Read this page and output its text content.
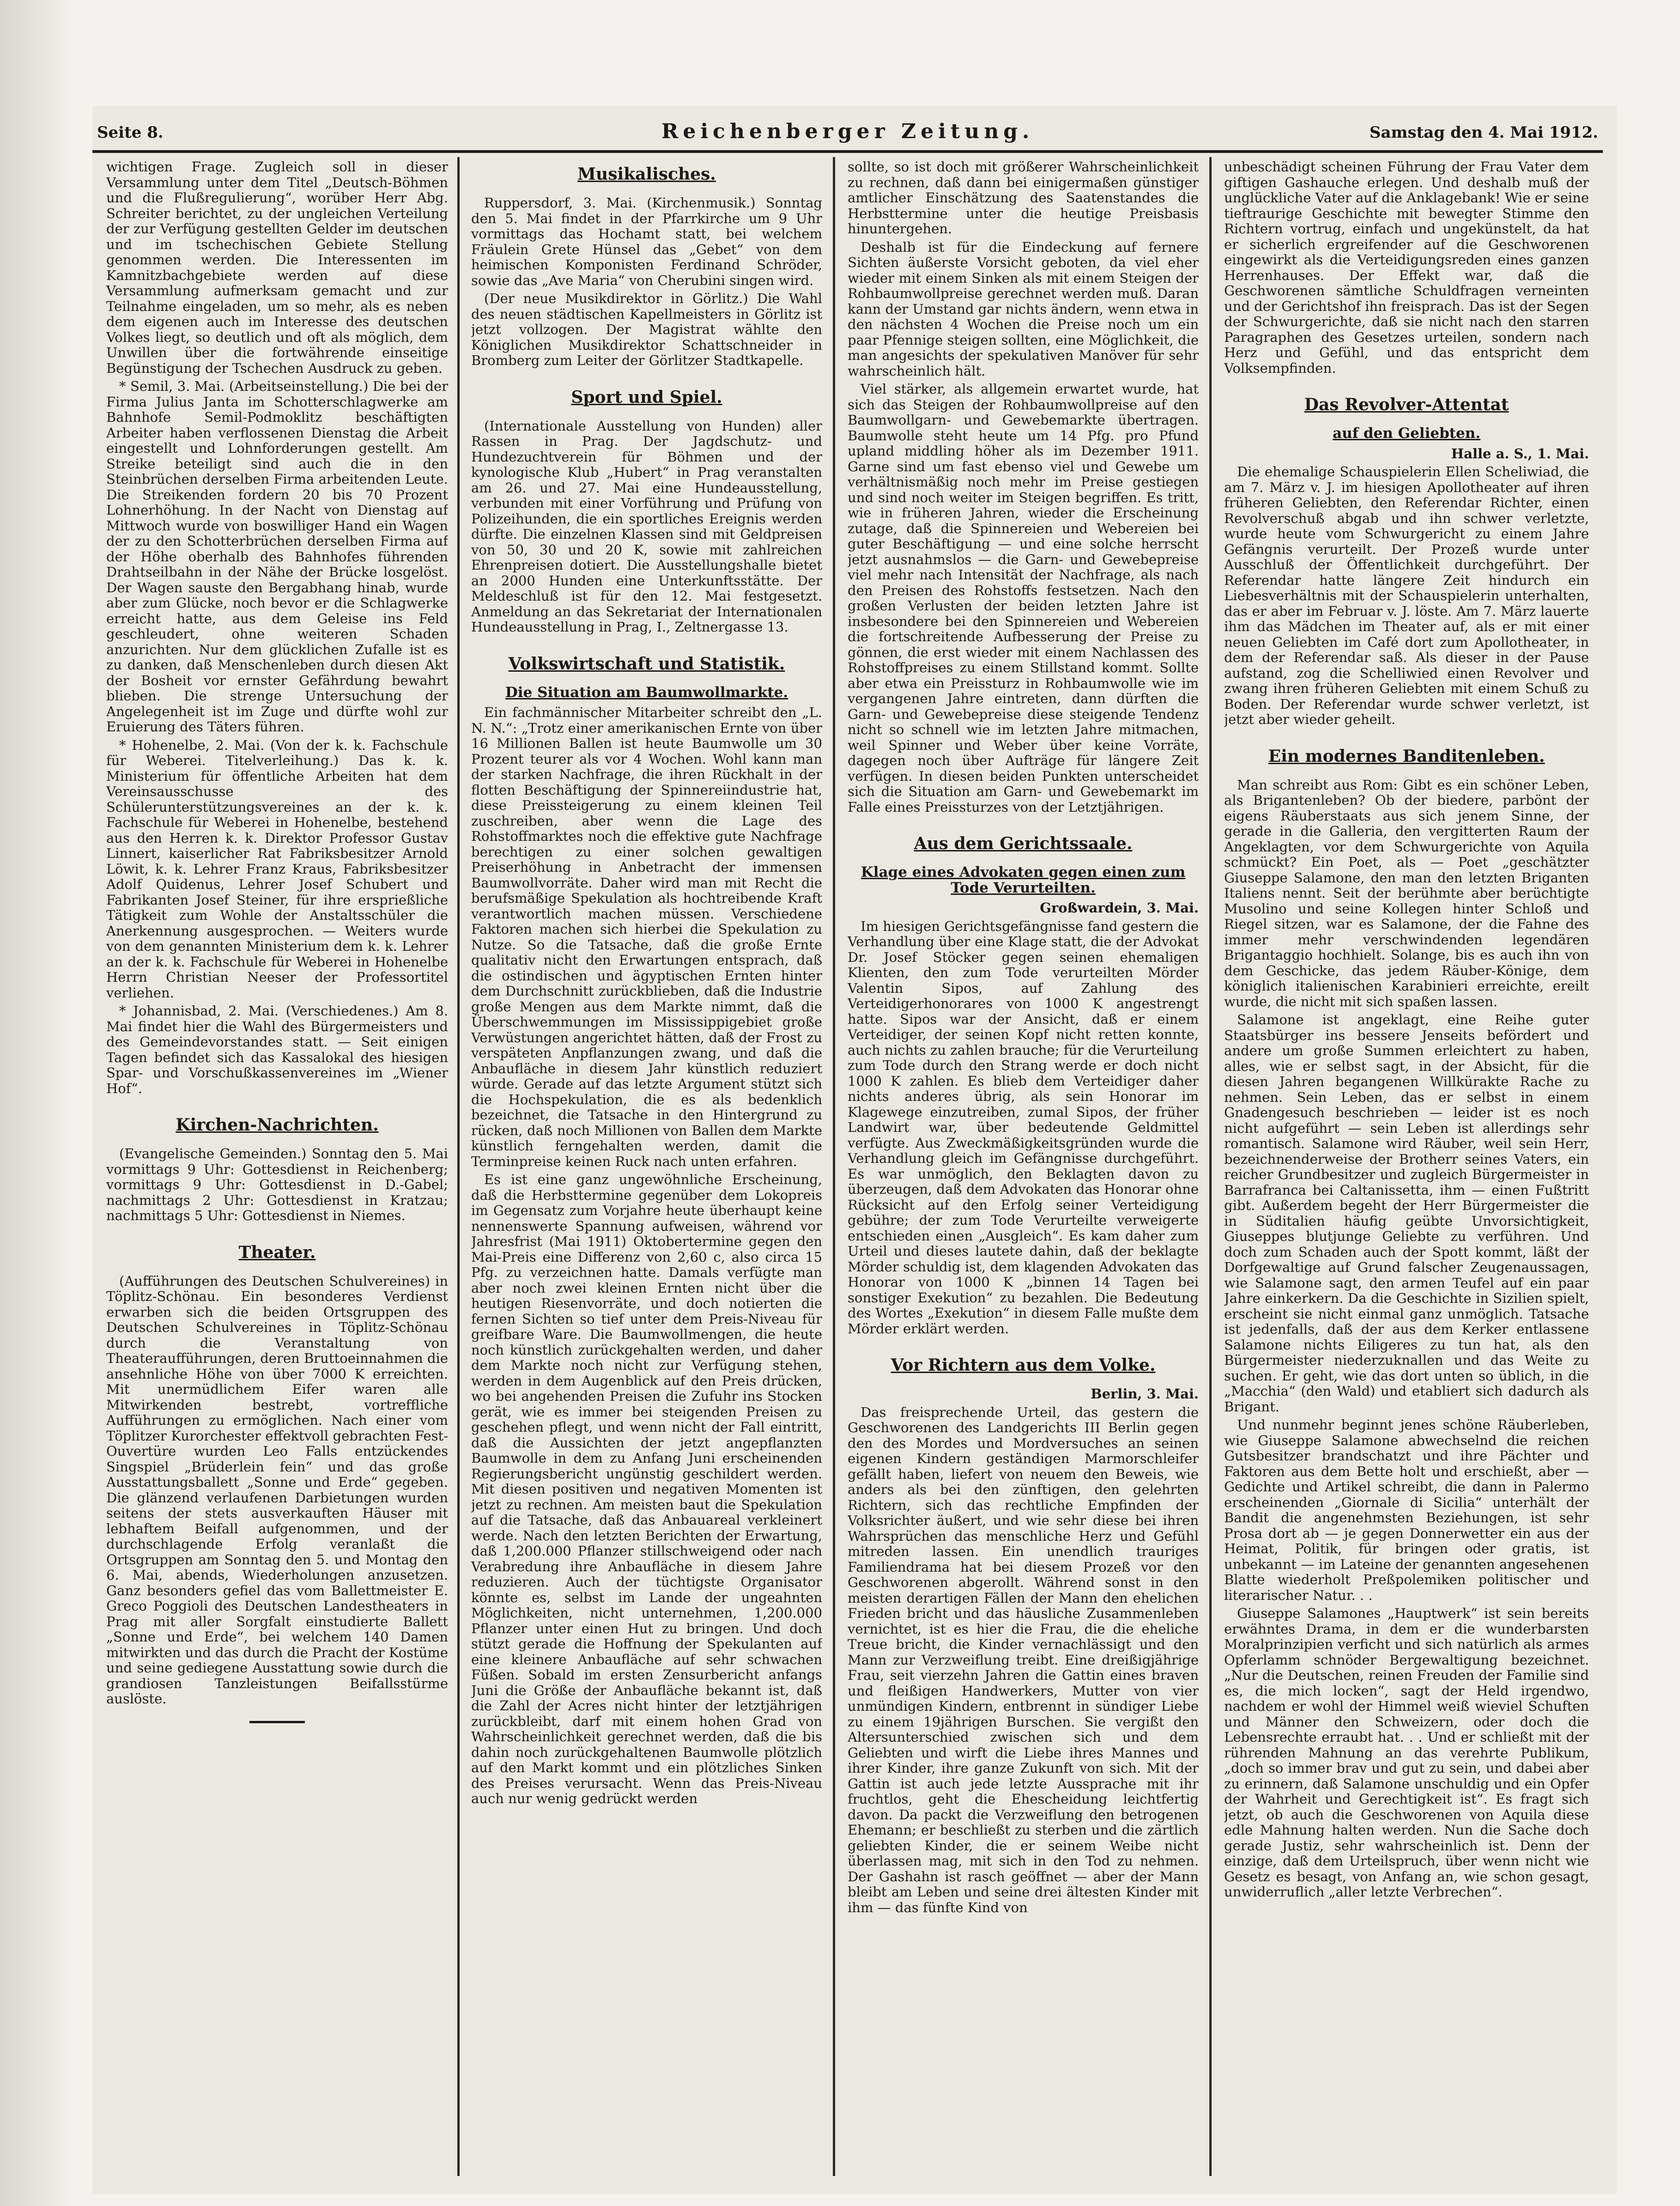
Seite 8.	Reichenberger Zeitung.	Samstag den 4. Mai 1912.

wichtigen Frage. Zugleich soll in dieser Versammlung unter dem Titel „Deutsch-Böhmen und die Flußregulierung“, worüber Herr Abg. Schreiter berichtet, zu der ungleichen Verteilung der zur Verfügung gestellten Gelder im deutschen und im tschechischen Gebiete Stellung genommen werden. Die Interessenten im Kamnitzbachgebiete werden auf diese Versammlung aufmerksam gemacht und zur Teilnahme eingeladen, um so mehr, als es neben dem eigenen auch im Interesse des deutschen Volkes liegt, so deutlich und oft als möglich, dem Unwillen über die fortwährende einseitige Begünstigung der Tschechen Ausdruck zu geben.

* Semil, 3. Mai. (Arbeitseinstellung.) Die bei der Firma Julius Janta im Schotterschlagwerke am Bahnhofe Semil-Podmoklitz beschäftigten Arbeiter haben verflossenen Dienstag die Arbeit eingestellt und Lohnforderungen gestellt. Am Streike beteiligt sind auch die in den Steinbrüchen derselben Firma arbeitenden Leute. Die Streikenden fordern 20 bis 70 Prozent Lohnerhöhung. In der Nacht von Dienstag auf Mittwoch wurde von boswilliger Hand ein Wagen der zu den Schotterbrüchen derselben Firma auf der Höhe oberhalb des Bahnhofes führenden Drahtseilbahn in der Nähe der Brücke losgelöst. Der Wagen sauste den Bergabhang hinab, wurde aber zum Glücke, noch bevor er die Schlagwerke erreicht hatte, aus dem Geleise ins Feld geschleudert, ohne weiteren Schaden anzurichten. Nur dem glücklichen Zufalle ist es zu danken, daß Menschenleben durch diesen Akt der Bosheit vor ernster Gefährdung bewahrt blieben. Die strenge Untersuchung der Angelegenheit ist im Zuge und dürfte wohl zur Eruierung des Täters führen.

* Hohenelbe, 2. Mai. (Von der k. k. Fachschule für Weberei. Titelverleihung.) Das k. k. Ministerium für öffentliche Arbeiten hat dem Vereinsausschusse des Schülerunterstützungsvereines an der k. k. Fachschule für Weberei in Hohenelbe, bestehend aus den Herren k. k. Direktor Professor Gustav Linnert, kaiserlicher Rat Fabriksbesitzer Arnold Löwit, k. k. Lehrer Franz Kraus, Fabriksbesitzer Adolf Quidenus, Lehrer Josef Schubert und Fabrikanten Josef Steiner, für ihre ersprießliche Tätigkeit zum Wohle der Anstaltsschüler die Anerkennung ausgesprochen. — Weiters wurde von dem genannten Ministerium dem k. k. Lehrer an der k. k. Fachschule für Weberei in Hohenelbe Herrn Christian Neeser der Professortitel verliehen.

* Johannisbad, 2. Mai. (Verschiedenes.) Am 8. Mai findet hier die Wahl des Bürgermeisters und des Gemeindevorstandes statt. — Seit einigen Tagen befindet sich das Kassalokal des hiesigen Spar- und Vorschußkassenvereines im „Wiener Hof“.

Kirchen-Nachrichten.

(Evangelische Gemeinden.) Sonntag den 5. Mai vormittags 9 Uhr: Gottesdienst in Reichenberg; vormittags 9 Uhr: Gottesdienst in D.-Gabel; nachmittags 2 Uhr: Gottesdienst in Kratzau; nachmittags 5 Uhr: Gottesdienst in Niemes.

Theater.

(Aufführungen des Deutschen Schulvereines) in Töplitz-Schönau. Ein besonderes Verdienst erwarben sich die beiden Ortsgruppen des Deutschen Schulvereines in Töplitz-Schönau durch die Veranstaltung von Theateraufführungen, deren Bruttoeinnahmen die ansehnliche Höhe von über 7000 K erreichten. Mit unermüdlichem Eifer waren alle Mitwirkenden bestrebt, vortreffliche Aufführungen zu ermöglichen. Nach einer vom Töplitzer Kurorchester effektvoll gebrachten Fest-Ouvertüre wurden Leo Falls entzückendes Singspiel „Brüderlein fein“ und das große Ausstattungsballett „Sonne und Erde“ gegeben. Die glänzend verlaufenen Darbietungen wurden seitens der stets ausverkauften Häuser mit lebhaftem Beifall aufgenommen, und der durchschlagende Erfolg veranlaßt die Ortsgruppen am Sonntag den 5. und Montag den 6. Mai, abends, Wiederholungen anzusetzen. Ganz besonders gefiel das vom Ballettmeister E. Greco Poggioli des Deutschen Landestheaters in Prag mit aller Sorgfalt einstudierte Ballett „Sonne und Erde“, bei welchem 140 Damen mitwirkten und das durch die Pracht der Kostüme und seine gediegene Ausstattung sowie durch die grandiosen Tanzleistungen Beifallsstürme auslöste.

Musikalisches.

Ruppersdorf, 3. Mai. (Kirchenmusik.) Sonntag den 5. Mai findet in der Pfarrkirche um 9 Uhr vormittags das Hochamt statt, bei welchem Fräulein Grete Hünsel das „Gebet“ von dem heimischen Komponisten Ferdinand Schröder, sowie das „Ave Maria“ von Cherubini singen wird.

(Der neue Musikdirektor in Görlitz.) Die Wahl des neuen städtischen Kapellmeisters in Görlitz ist jetzt vollzogen. Der Magistrat wählte den Königlichen Musikdirektor Schattschneider in Bromberg zum Leiter der Görlitzer Stadtkapelle.

Sport und Spiel.

(Internationale Ausstellung von Hunden) aller Rassen in Prag. Der Jagdschutz- und Hundezuchtverein für Böhmen und der kynologische Klub „Hubert“ in Prag veranstalten am 26. und 27. Mai eine Hundeausstellung, verbunden mit einer Vorführung und Prüfung von Polizeihunden, die ein sportliches Ereignis werden dürfte. Die einzelnen Klassen sind mit Geldpreisen von 50, 30 und 20 K, sowie mit zahlreichen Ehrenpreisen dotiert. Die Ausstellungshalle bietet an 2000 Hunden eine Unterkunftsstätte. Der Meldeschluß ist für den 12. Mai festgesetzt. Anmeldung an das Sekretariat der Internationalen Hundeausstellung in Prag, I., Zeltnergasse 13.

Volkswirtschaft und Statistik.
Die Situation am Baumwollmarkte.

Ein fachmännischer Mitarbeiter schreibt den „L. N. N.“: „Trotz einer amerikanischen Ernte von über 16 Millionen Ballen ist heute Baumwolle um 30 Prozent teurer als vor 4 Wochen. Wohl kann man der starken Nachfrage, die ihren Rückhalt in der flotten Beschäftigung der Spinnereiindustrie hat, diese Preissteigerung zu einem kleinen Teil zuschreiben, aber wenn die Lage des Rohstoffmarktes noch die effektive gute Nachfrage berechtigen zu einer solchen gewaltigen Preiserhöhung in Anbetracht der immensen Baumwollvorräte. Daher wird man mit Recht die berufsmäßige Spekulation als hochtreibende Kraft verantwortlich machen müssen. Verschiedene Faktoren machen sich hierbei die Spekulation zu Nutze. So die Tatsache, daß die große Ernte qualitativ nicht den Erwartungen entsprach, daß die ostindischen und ägyptischen Ernten hinter dem Durchschnitt zurückblieben, daß die Industrie große Mengen aus dem Markte nimmt, daß die Überschwemmungen im Mississippigebiet große Verwüstungen angerichtet hätten, daß der Frost zu verspäteten Anpflanzungen zwang, und daß die Anbaufläche in diesem Jahr künstlich reduziert würde. Gerade auf das letzte Argument stützt sich die Hochspekulation, die es als bedenklich bezeichnet, die Tatsache in den Hintergrund zu rücken, daß noch Millionen von Ballen dem Markte künstlich ferngehalten werden, damit die Terminpreise keinen Ruck nach unten erfahren.

Es ist eine ganz ungewöhnliche Erscheinung, daß die Herbsttermine gegenüber dem Lokopreis im Gegensatz zum Vorjahre heute überhaupt keine nennenswerte Spannung aufweisen, während vor Jahresfrist (Mai 1911) Oktobertermine gegen den Mai-Preis eine Differenz von 2,60 c, also circa 15 Pfg. zu verzeichnen hatte. Damals verfügte man aber noch zwei kleinen Ernten nicht über die heutigen Riesenvorräte, und doch notierten die fernen Sichten so tief unter dem Preis-Niveau für greifbare Ware. Die Baumwollmengen, die heute noch künstlich zurückgehalten werden, und daher dem Markte noch nicht zur Verfügung stehen, werden in dem Augenblick auf den Preis drücken, wo bei angehenden Preisen die Zufuhr ins Stocken gerät, wie es immer bei steigenden Preisen zu geschehen pflegt, und wenn nicht der Fall eintritt, daß die Aussichten der jetzt angepflanzten Baumwolle in dem zu Anfang Juni erscheinenden Regierungsbericht ungünstig geschildert werden. Mit diesen positiven und negativen Momenten ist jetzt zu rechnen. Am meisten baut die Spekulation auf die Tatsache, daß das Anbauareal verkleinert werde. Nach den letzten Berichten der Erwartung, daß 1,200.000 Pflanzer stillschweigend oder nach Verabredung ihre Anbaufläche in diesem Jahre reduzieren. Auch der tüchtigste Organisator könnte es, selbst im Lande der ungeahnten Möglichkeiten, nicht unternehmen, 1,200.000 Pflanzer unter einen Hut zu bringen. Und doch stützt gerade die Hoffnung der Spekulanten auf eine kleinere Anbaufläche auf sehr schwachen Füßen. Sobald im ersten Zensurbericht anfangs Juni die Größe der Anbaufläche bekannt ist, daß die Zahl der Acres nicht hinter der letztjährigen zurückbleibt, darf mit einem hohen Grad von Wahrscheinlichkeit gerechnet werden, daß die bis dahin noch zurückgehaltenen Baumwolle plötzlich auf den Markt kommt und ein plötzliches Sinken des Preises verursacht. Wenn das Preis-Niveau auch nur wenig gedrückt werden

sollte, so ist doch mit größerer Wahrscheinlichkeit zu rechnen, daß dann bei einigermaßen günstiger amtlicher Einschätzung des Saatenstandes die Herbsttermine unter die heutige Preisbasis hinuntergehen.

Deshalb ist für die Eindeckung auf fernere Sichten äußerste Vorsicht geboten, da viel eher wieder mit einem Sinken als mit einem Steigen der Rohbaumwollpreise gerechnet werden muß. Daran kann der Umstand gar nichts ändern, wenn etwa in den nächsten 4 Wochen die Preise noch um ein paar Pfennige steigen sollten, eine Möglichkeit, die man angesichts der spekulativen Manöver für sehr wahrscheinlich hält.

Viel stärker, als allgemein erwartet wurde, hat sich das Steigen der Rohbaumwollpreise auf den Baumwollgarn- und Gewebemarkte übertragen. Baumwolle steht heute um 14 Pfg. pro Pfund upland middling höher als im Dezember 1911. Garne sind um fast ebenso viel und Gewebe um verhältnismäßig noch mehr im Preise gestiegen und sind noch weiter im Steigen begriffen. Es tritt, wie in früheren Jahren, wieder die Erscheinung zutage, daß die Spinnereien und Webereien bei guter Beschäftigung — und eine solche herrscht jetzt ausnahmslos — die Garn- und Gewebepreise viel mehr nach Intensität der Nachfrage, als nach den Preisen des Rohstoffs festsetzen. Nach den großen Verlusten der beiden letzten Jahre ist insbesondere bei den Spinnereien und Webereien die fortschreitende Aufbesserung der Preise zu gönnen, die erst wieder mit einem Nachlassen des Rohstoffpreises zu einem Stillstand kommt. Sollte aber etwa ein Preissturz in Rohbaumwolle wie im vergangenen Jahre eintreten, dann dürften die Garn- und Gewebepreise diese steigende Tendenz nicht so schnell wie im letzten Jahre mitmachen, weil Spinner und Weber über keine Vorräte, dagegen noch über Aufträge für längere Zeit verfügen. In diesen beiden Punkten unterscheidet sich die Situation am Garn- und Gewebemarkt im Falle eines Preissturzes von der Letztjährigen.

Aus dem Gerichtssaale.
Klage eines Advokaten gegen einen zum Tode Verurteilten.
Großwardein, 3. Mai.

Im hiesigen Gerichtsgefängnisse fand gestern die Verhandlung über eine Klage statt, die der Advokat Dr. Josef Stöcker gegen seinen ehemaligen Klienten, den zum Tode verurteilten Mörder Valentin Sipos, auf Zahlung des Verteidigerhonorares von 1000 K angestrengt hatte. Sipos war der Ansicht, daß er einem Verteidiger, der seinen Kopf nicht retten konnte, auch nichts zu zahlen brauche; für die Verurteilung zum Tode durch den Strang werde er doch nicht 1000 K zahlen. Es blieb dem Verteidiger daher nichts anderes übrig, als sein Honorar im Klagewege einzutreiben, zumal Sipos, der früher Landwirt war, über bedeutende Geldmittel verfügte. Aus Zweckmäßigkeitsgründen wurde die Verhandlung gleich im Gefängnisse durchgeführt. Es war unmöglich, den Beklagten davon zu überzeugen, daß dem Advokaten das Honorar ohne Rücksicht auf den Erfolg seiner Verteidigung gebühre; der zum Tode Verurteilte verweigerte entschieden einen „Ausgleich“. Es kam daher zum Urteil und dieses lautete dahin, daß der beklagte Mörder schuldig ist, dem klagenden Advokaten das Honorar von 1000 K „binnen 14 Tagen bei sonstiger Exekution“ zu bezahlen. Die Bedeutung des Wortes „Exekution“ in diesem Falle mußte dem Mörder erklärt werden.

Vor Richtern aus dem Volke.
Berlin, 3. Mai.

Das freisprechende Urteil, das gestern die Geschworenen des Landgerichts III Berlin gegen den des Mordes und Mordversuches an seinen eigenen Kindern geständigen Marmorschleifer gefällt haben, liefert von neuem den Beweis, wie anders als bei den zünftigen, den gelehrten Richtern, sich das rechtliche Empfinden der Volksrichter äußert, und wie sehr diese bei ihren Wahrsprüchen das menschliche Herz und Gefühl mitreden lassen. Ein unendlich trauriges Familiendrama hat bei diesem Prozeß vor den Geschworenen abgerollt. Während sonst in den meisten derartigen Fällen der Mann den ehelichen Frieden bricht und das häusliche Zusammenleben vernichtet, ist es hier die Frau, die die eheliche Treue bricht, die Kinder vernachlässigt und den Mann zur Verzweiflung treibt. Eine dreißigjährige Frau, seit vierzehn Jahren die Gattin eines braven und fleißigen Handwerkers, Mutter von vier unmündigen Kindern, entbrennt in sündiger Liebe zu einem 19jährigen Burschen. Sie vergißt den Altersunterschied zwischen sich und dem Geliebten und wirft die Liebe ihres Mannes und ihrer Kinder, ihre ganze Zukunft von sich. Mit der Gattin ist auch jede letzte Aussprache mit ihr fruchtlos, geht die Ehescheidung leichtfertig davon. Da packt die Verzweiflung den betrogenen Ehemann; er beschließt zu sterben und die zärtlich geliebten Kinder, die er seinem Weibe nicht überlassen mag, mit sich in den Tod zu nehmen. Der Gashahn ist rasch geöffnet — aber der Mann bleibt am Leben und seine drei ältesten Kinder mit ihm — das fünfte Kind von

unbeschädigt scheinen Führung der Frau Vater dem giftigen Gashauche erlegen. Und deshalb muß der unglückliche Vater auf die Anklagebank! Wie er seine tieftraurige Geschichte mit bewegter Stimme den Richtern vortrug, einfach und ungekünstelt, da hat er sicherlich ergreifender auf die Geschworenen eingewirkt als die Verteidigungsreden eines ganzen Herrenhauses. Der Effekt war, daß die Geschworenen sämtliche Schuldfragen verneinten und der Gerichtshof ihn freisprach. Das ist der Segen der Schwurgerichte, daß sie nicht nach den starren Paragraphen des Gesetzes urteilen, sondern nach Herz und Gefühl, und das entspricht dem Volksempfinden.

Das Revolver-Attentat
auf den Geliebten.
Halle a. S., 1. Mai.

Die ehemalige Schauspielerin Ellen Scheliwiad, die am 7. März v. J. im hiesigen Apollotheater auf ihren früheren Geliebten, den Referendar Richter, einen Revolverschuß abgab und ihn schwer verletzte, wurde heute vom Schwurgericht zu einem Jahre Gefängnis verurteilt. Der Prozeß wurde unter Ausschluß der Öffentlichkeit durchgeführt. Der Referendar hatte längere Zeit hindurch ein Liebesverhältnis mit der Schauspielerin unterhalten, das er aber im Februar v. J. löste. Am 7. März lauerte ihm das Mädchen im Theater auf, als er mit einer neuen Geliebten im Café dort zum Apollotheater, in dem der Referendar saß. Als dieser in der Pause aufstand, zog die Schelliwied einen Revolver und zwang ihren früheren Geliebten mit einem Schuß zu Boden. Der Referendar wurde schwer verletzt, ist jetzt aber wieder geheilt.

Ein modernes Banditenleben.

Man schreibt aus Rom: Gibt es ein schöner Leben, als Brigantenleben? Ob der biedere, parbönt der eigens Räuberstaats aus sich jenem Sinne, der gerade in die Galleria, den vergitterten Raum der Angeklagten, vor dem Schwurgerichte von Aquila schmückt? Ein Poet, als — Poet „geschätzter Giuseppe Salamone, den man den letzten Briganten Italiens nennt. Seit der berühmte aber berüchtigte Musolino und seine Kollegen hinter Schloß und Riegel sitzen, war es Salamone, der die Fahne des immer mehr verschwindenden legendären Brigantaggio hochhielt. Solange, bis es auch ihn von dem Geschicke, das jedem Räuber-Könige, dem königlich italienischen Karabinieri erreichte, ereilt wurde, die nicht mit sich spaßen lassen.

Salamone ist angeklagt, eine Reihe guter Staatsbürger ins bessere Jenseits befördert und andere um große Summen erleichtert zu haben, alles, wie er selbst sagt, in der Absicht, für die diesen Jahren begangenen Willkürakte Rache zu nehmen. Sein Leben, das er selbst in einem Gnadengesuch beschrieben — leider ist es noch nicht aufgeführt — sein Leben ist allerdings sehr romantisch. Salamone wird Räuber, weil sein Herr, bezeichnenderweise der Brotherr seines Vaters, ein reicher Grundbesitzer und zugleich Bürgermeister in Barrafranca bei Caltanissetta, ihm — einen Fußtritt gibt. Außerdem begeht der Herr Bürgermeister die in Süditalien häufig geübte Unvorsichtigkeit, Giuseppes blutjunge Geliebte zu verführen. Und doch zum Schaden auch der Spott kommt, läßt der Dorfgewaltige auf Grund falscher Zeugenaussagen, wie Salamone sagt, den armen Teufel auf ein paar Jahre einkerkern. Da die Geschichte in Sizilien spielt, erscheint sie nicht einmal ganz unmöglich. Tatsache ist jedenfalls, daß der aus dem Kerker entlassene Salamone nichts Eiligeres zu tun hat, als den Bürgermeister niederzuknallen und das Weite zu suchen. Er geht, wie das dort unten so üblich, in die „Macchia“ (den Wald) und etabliert sich dadurch als Brigant.

Und nunmehr beginnt jenes schöne Räuberleben, wie Giuseppe Salamone abwechselnd die reichen Gutsbesitzer brandschatzt und ihre Pächter und Faktoren aus dem Bette holt und erschießt, aber — Gedichte und Artikel schreibt, die dann in Palermo erscheinenden „Giornale di Sicilia“ unterhält der Bandit die angenehmsten Beziehungen, ist sehr Prosa dort ab — je gegen Donnerwetter ein aus der Heimat, Politik, für bringen oder gratis, ist unbekannt — im Lateine der genannten angesehenen Blatte wiederholt Preßpolemiken politischer und literarischer Natur. . .

Giuseppe Salamones „Hauptwerk“ ist sein bereits erwähntes Drama, in dem er die wunderbarsten Moralprinzipien verficht und sich natürlich als armes Opferlamm schnöder Bergewaltigung bezeichnet. „Nur die Deutschen, reinen Freuden der Familie sind es, die mich locken“, sagt der Held irgendwo, nachdem er wohl der Himmel weiß wieviel Schuften und Männer den Schweizern, oder doch die Lebensrechte erraubt hat. . . Und er schließt mit der rührenden Mahnung an das verehrte Publikum, „doch so immer brav und gut zu sein, und dabei aber zu erinnern, daß Salamone unschuldig und ein Opfer der Wahrheit und Gerechtigkeit ist“. Es fragt sich jetzt, ob auch die Geschworenen von Aquila diese edle Mahnung halten werden. Nun die Sache doch gerade Justiz, sehr wahrscheinlich ist. Denn der einzige, daß dem Urteilspruch, über wenn nicht wie Gesetz es besagt, von Anfang an, wie schon gesagt, unwiderruflich „aller letzte Verbrechen“.
